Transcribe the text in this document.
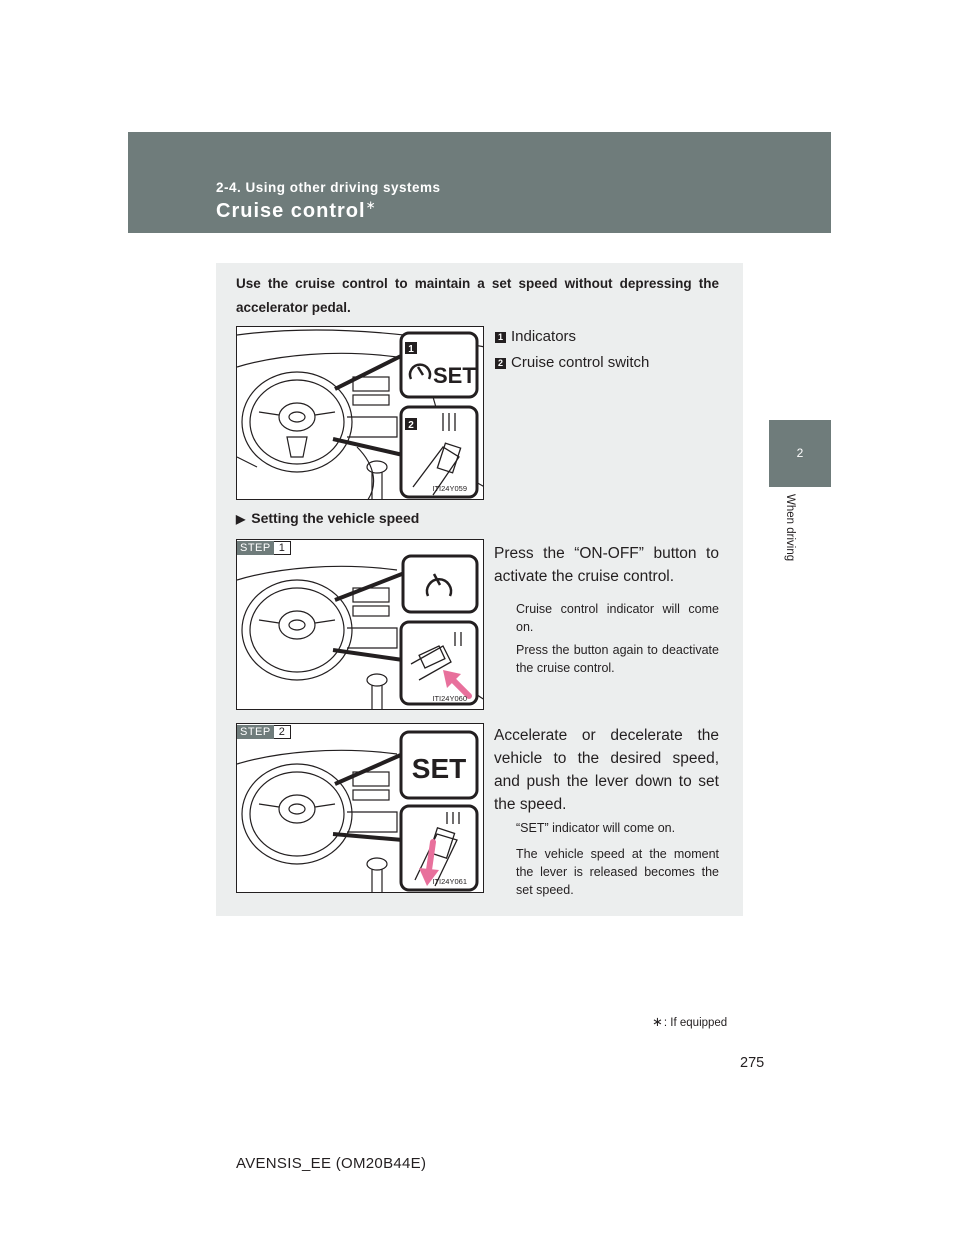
2-4. Using other driving systems
Cruise control∗
2
When driving
Use the cruise control to maintain a set speed without depressing the accelerator pedal.
1
SET
2
ITI24Y059
1 Indicators
2 Cruise control switch
▶ Setting the vehicle speed
ITI24Y060
STEP 1	Press the “ON-OFF” button to activate the cruise control.
Cruise control indicator will come on.
Press the button again to deactivate the cruise control.
SET
ITI24Y061
STEP 2	Accelerate or decelerate the vehicle to the desired speed, and push the lever down to set the speed.
“SET” indicator will come on.
The vehicle speed at the moment the lever is released becomes the set speed.
∗: If equipped
275
AVENSIS_EE (OM20B44E)
